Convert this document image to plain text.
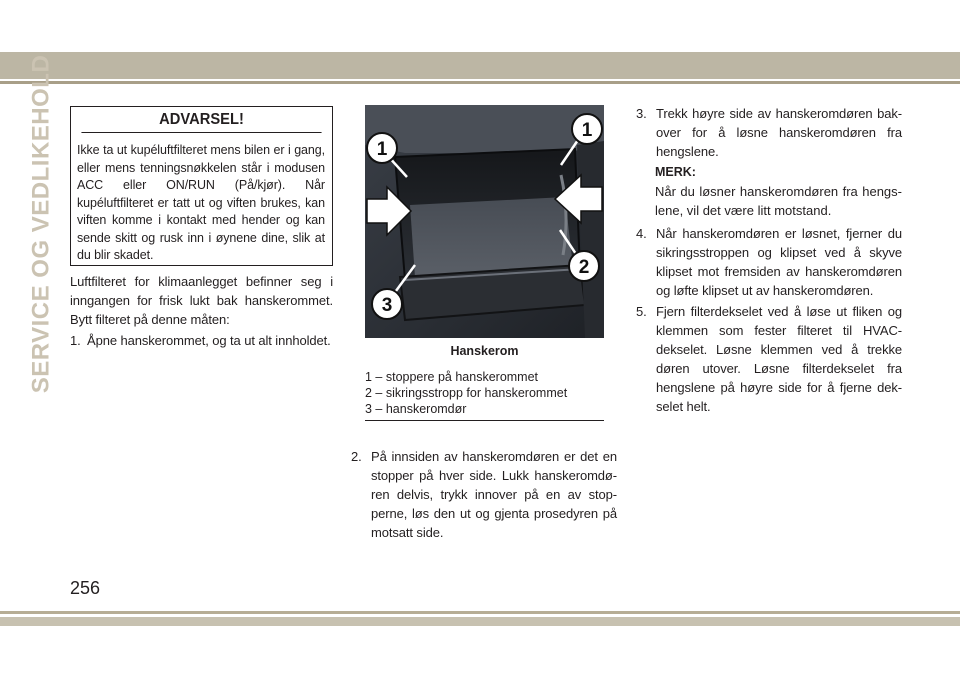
SERVICE OG VEDLIKEHOLD	ADVARSEL!
Ikke ta ut kupéluftfilteret mens bilen er i gang, eller mens tenningsnøkkelen står i modusen ACC eller ON/RUN (På/kjør). Når kupéluftfilteret er tatt ut og viften brukes, kan viften komme i kontakt med hender og kan sende skitt og rusk inn i øynene dine, slik at du blir skadet.
Luftfilteret for klimaanlegget befinner seg i inngangen for frisk lukt bak hanskerommet. Bytt filteret på denne måten:
1. Åpne hanskerommet, og ta ut alt innholdet.
1
1
2
3
Hanskerom
1 – stoppere på hanskerommet
2 – sikringsstropp for hanskerommet
3 – hanskeromdør
2. På innsiden av hanskeromdøren er det en stopper på hver side. Lukk hanskeromdø-ren delvis, trykk innover på en av stop-perne, løs den ut og gjenta prosedyren på motsatt side.
3. Trekk høyre side av hanskeromdøren bak-over for å løsne hanskeromdøren fra hengslene.
MERK:
Når du løsner hanskeromdøren fra hengs-lene, vil det være litt motstand.
4. Når hanskeromdøren er løsnet, fjerner du sikringsstroppen og klipset ved å skyve klipset mot fremsiden av hanskeromdøren og løfte klipset ut av hanskeromdøren.
5. Fjern filterdekselet ved å løse ut fliken og klemmen som fester filteret til HVAC-dekselet. Løsne klemmen ved å trekke døren utover. Løsne filterdekselet fra hengslene på høyre side for å fjerne dek-selet helt.
256
